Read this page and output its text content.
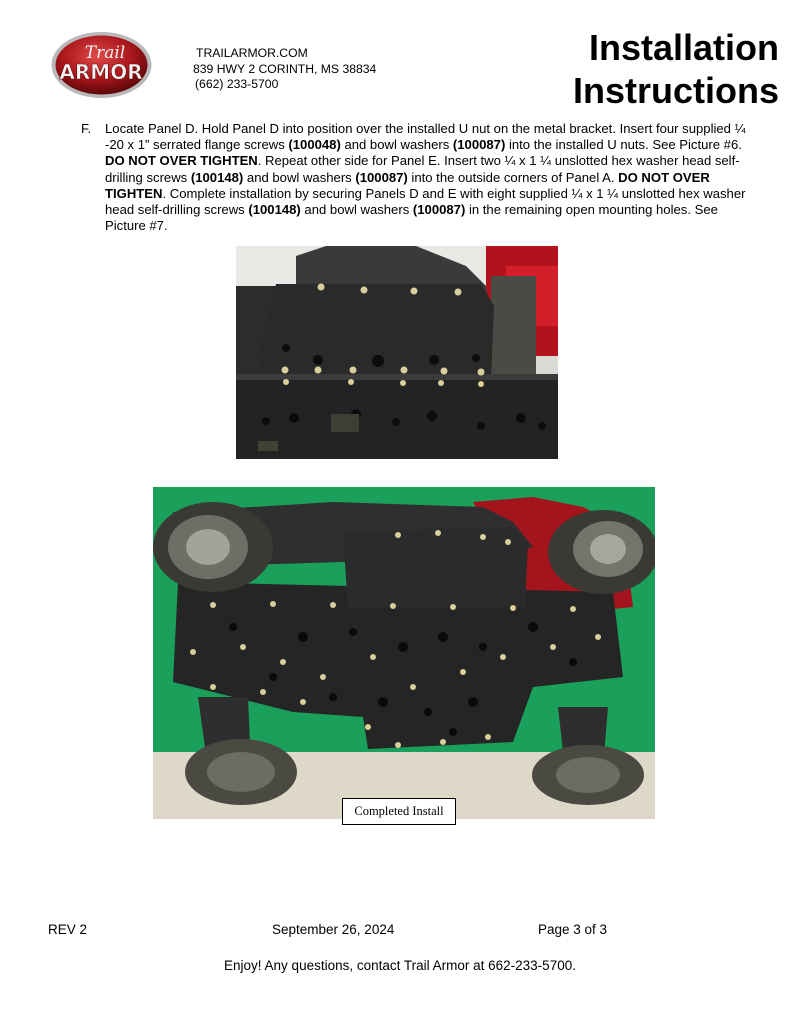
Trail
ARMOR
TRAILARMOR.COM
839 HWY 2 CORINTH, MS 38834
(662) 233-5700
Installation
Instructions
F. Locate Panel D. Hold Panel D into position over the installed U nut on the metal bracket. Insert four supplied ¼ -20 x 1” serrated flange screws (100048) and bowl washers (100087) into the installed U nuts. See Picture #6. DO NOT OVER TIGHTEN. Repeat other side for Panel E. Insert two ¼ x 1 ¼ unslotted hex washer head self-drilling screws (100148) and bowl washers (100087) into the outside corners of Panel A. DO NOT OVER TIGHTEN. Complete installation by securing Panels D and E with eight supplied ¼ x 1 ¼ unslotted hex washer head self-drilling screws (100148) and bowl washers (100087) in the remaining open mounting holes. See Picture #7.
Completed Install
REV 2	September 26, 2024	Page 3 of 3
Enjoy! Any questions, contact Trail Armor at 662-233-5700.
